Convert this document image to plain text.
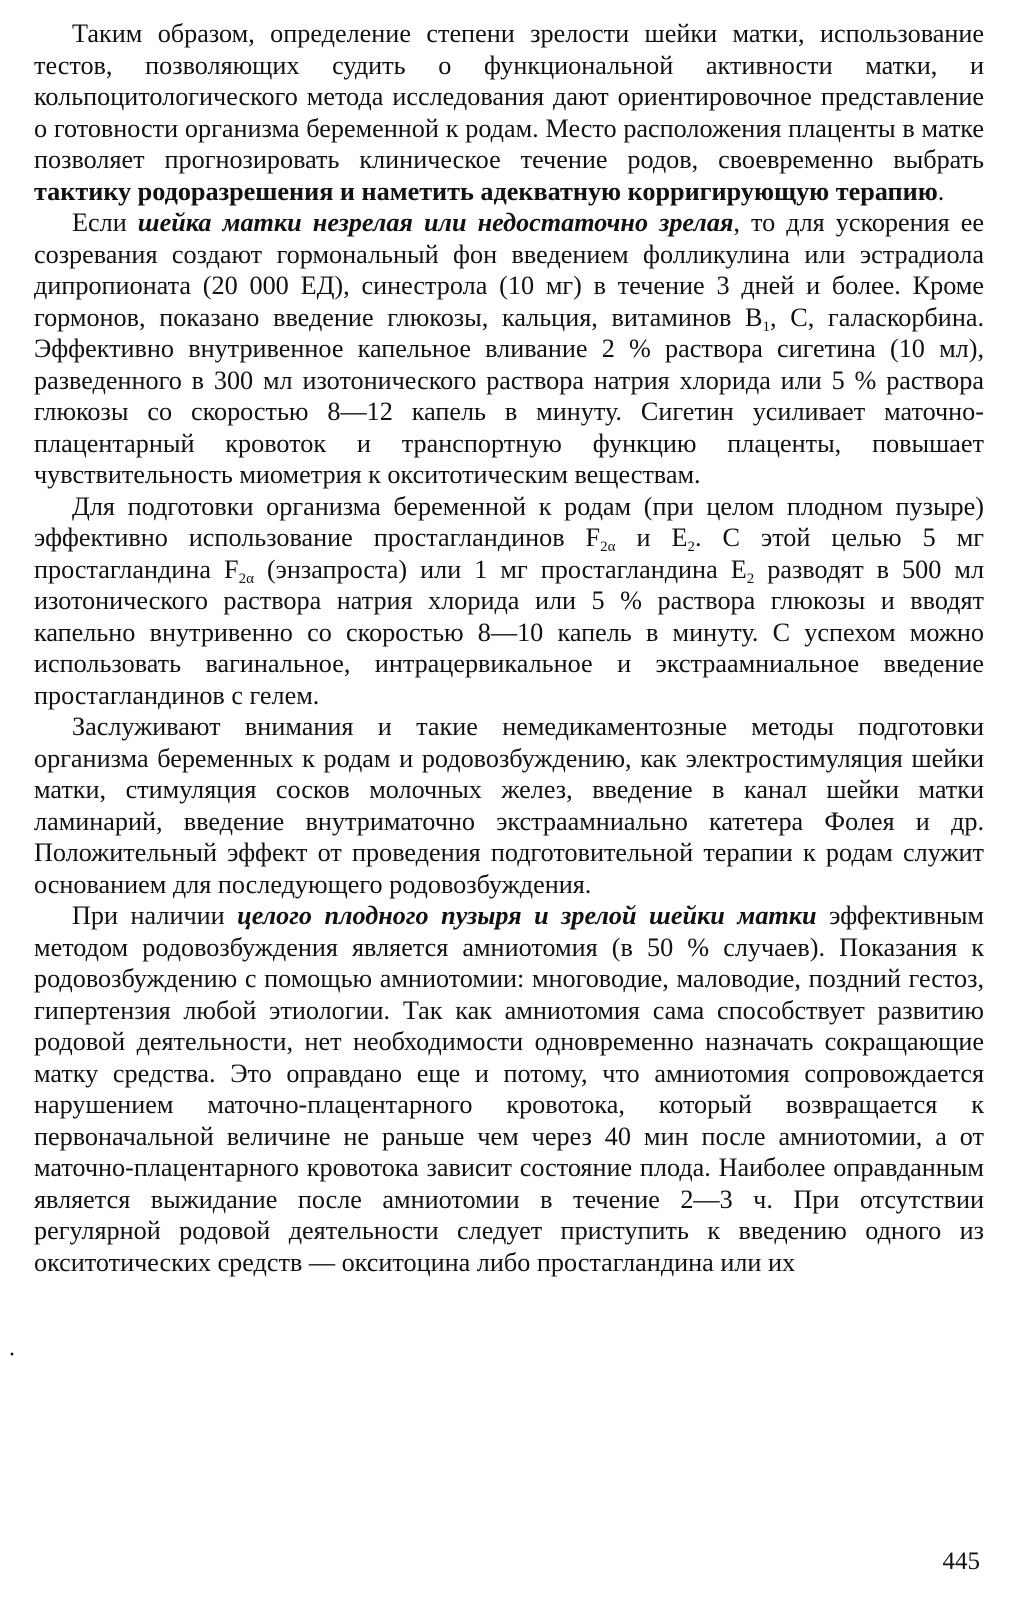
Таким образом, определение степени зрелости шейки матки, использование тестов, позволяющих судить о функциональной активности матки, и кольпоцитологического метода исследования дают ориентировочное представление о готовности организма беременной к родам. Место расположения плаценты в матке позволяет прогнозировать клиническое течение родов, своевременно выбрать тактику родоразрешения и наметить адекватную корригирующую терапию.

Если шейка матки незрелая или недостаточно зрелая, то для ускорения ее созревания создают гормональный фон введением фолликулина или эстрадиола дипропионата (20 000 ЕД), синестрола (10 мг) в течение 3 дней и более. Кроме гормонов, показано введение глюкозы, кальция, витаминов $В_1$, С, галаскорбина. Эффективно внутривенное капельное вливание 2 % раствора сигетина (10 мл), разведенного в 300 мл изотонического раствора натрия хлорида или 5 % раствора глюкозы со скоростью 8—12 капель в минуту. Сигетин усиливает маточно-плацентарный кровоток и транспортную функцию плаценты, повышает чувствительность миометрия к окситотическим веществам.

Для подготовки организма беременной к родам (при целом плодном пузыре) эффективно использование простагландинов $F_{2\alpha}$ и $Е_2$. С этой целью 5 мг простагландина $F_{2\alpha}$ (энзапроста) или 1 мг простагландина $Е_2$ разводят в 500 мл изотонического раствора натрия хлорида или 5 % раствора глюкозы и вводят капельно внутривенно со скоростью 8—10 капель в минуту. С успехом можно использовать вагинальное, интрацервикальное и экстраамниальное введение простагландинов с гелем.

Заслуживают внимания и такие немедикаментозные методы подготовки организма беременных к родам и родовозбуждению, как электростимуляция шейки матки, стимуляция сосков молочных желез, введение в канал шейки матки ламинарий, введение внутриматочно экстраамниально катетера Фолея и др. Положительный эффект от проведения подготовительной терапии к родам служит основанием для последующего родовозбуждения.

При наличии целого плодного пузыря и зрелой шейки матки эффективным методом родовозбуждения является амниотомия (в 50 % случаев). Показания к родовозбуждению с помощью амниотомии: многоводие, маловодие, поздний гестоз, гипертензия любой этиологии. Так как амниотомия сама способствует развитию родовой деятельности, нет необходимости одновременно назначать сокращающие матку средства. Это оправдано еще и потому, что амниотомия сопровождается нарушением маточно-плацентарного кровотока, который возвращается к первоначальной величине не раньше чем через 40 мин после амниотомии, а от маточно-плацентарного кровотока зависит состояние плода. Наиболее оправданным является выжидание после амниотомии в течение 2—3 ч. При отсутствии регулярной родовой деятельности следует приступить к введению одного из окситотических средств — окситоцина либо простагландина или их

·
445
